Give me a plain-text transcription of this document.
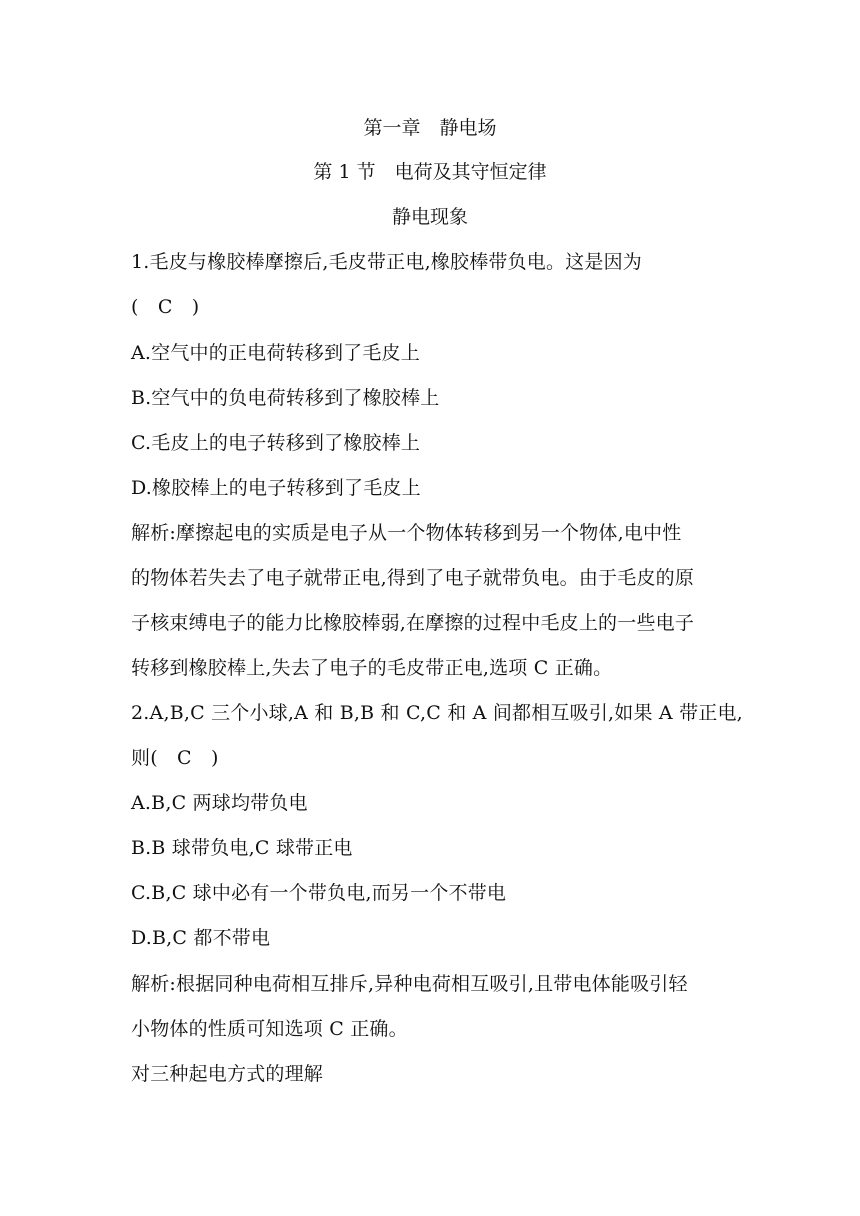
第一章　静电场
第 1 节　电荷及其守恒定律
静电现象
1.毛皮与橡胶棒摩擦后,毛皮带正电,橡胶棒带负电。这是因为
(　C　)
A.空气中的正电荷转移到了毛皮上
B.空气中的负电荷转移到了橡胶棒上
C.毛皮上的电子转移到了橡胶棒上
D.橡胶棒上的电子转移到了毛皮上
解析:摩擦起电的实质是电子从一个物体转移到另一个物体,电中性
的物体若失去了电子就带正电,得到了电子就带负电。由于毛皮的原
子核束缚电子的能力比橡胶棒弱,在摩擦的过程中毛皮上的一些电子
转移到橡胶棒上,失去了电子的毛皮带正电,选项 C 正确。
2.A,B,C 三个小球,A 和 B,B 和 C,C 和 A 间都相互吸引,如果 A 带正电,
则(　C　)
A.B,C 两球均带负电
B.B 球带负电,C 球带正电
C.B,C 球中必有一个带负电,而另一个不带电
D.B,C 都不带电
解析:根据同种电荷相互排斥,异种电荷相互吸引,且带电体能吸引轻
小物体的性质可知选项 C 正确。
对三种起电方式的理解
